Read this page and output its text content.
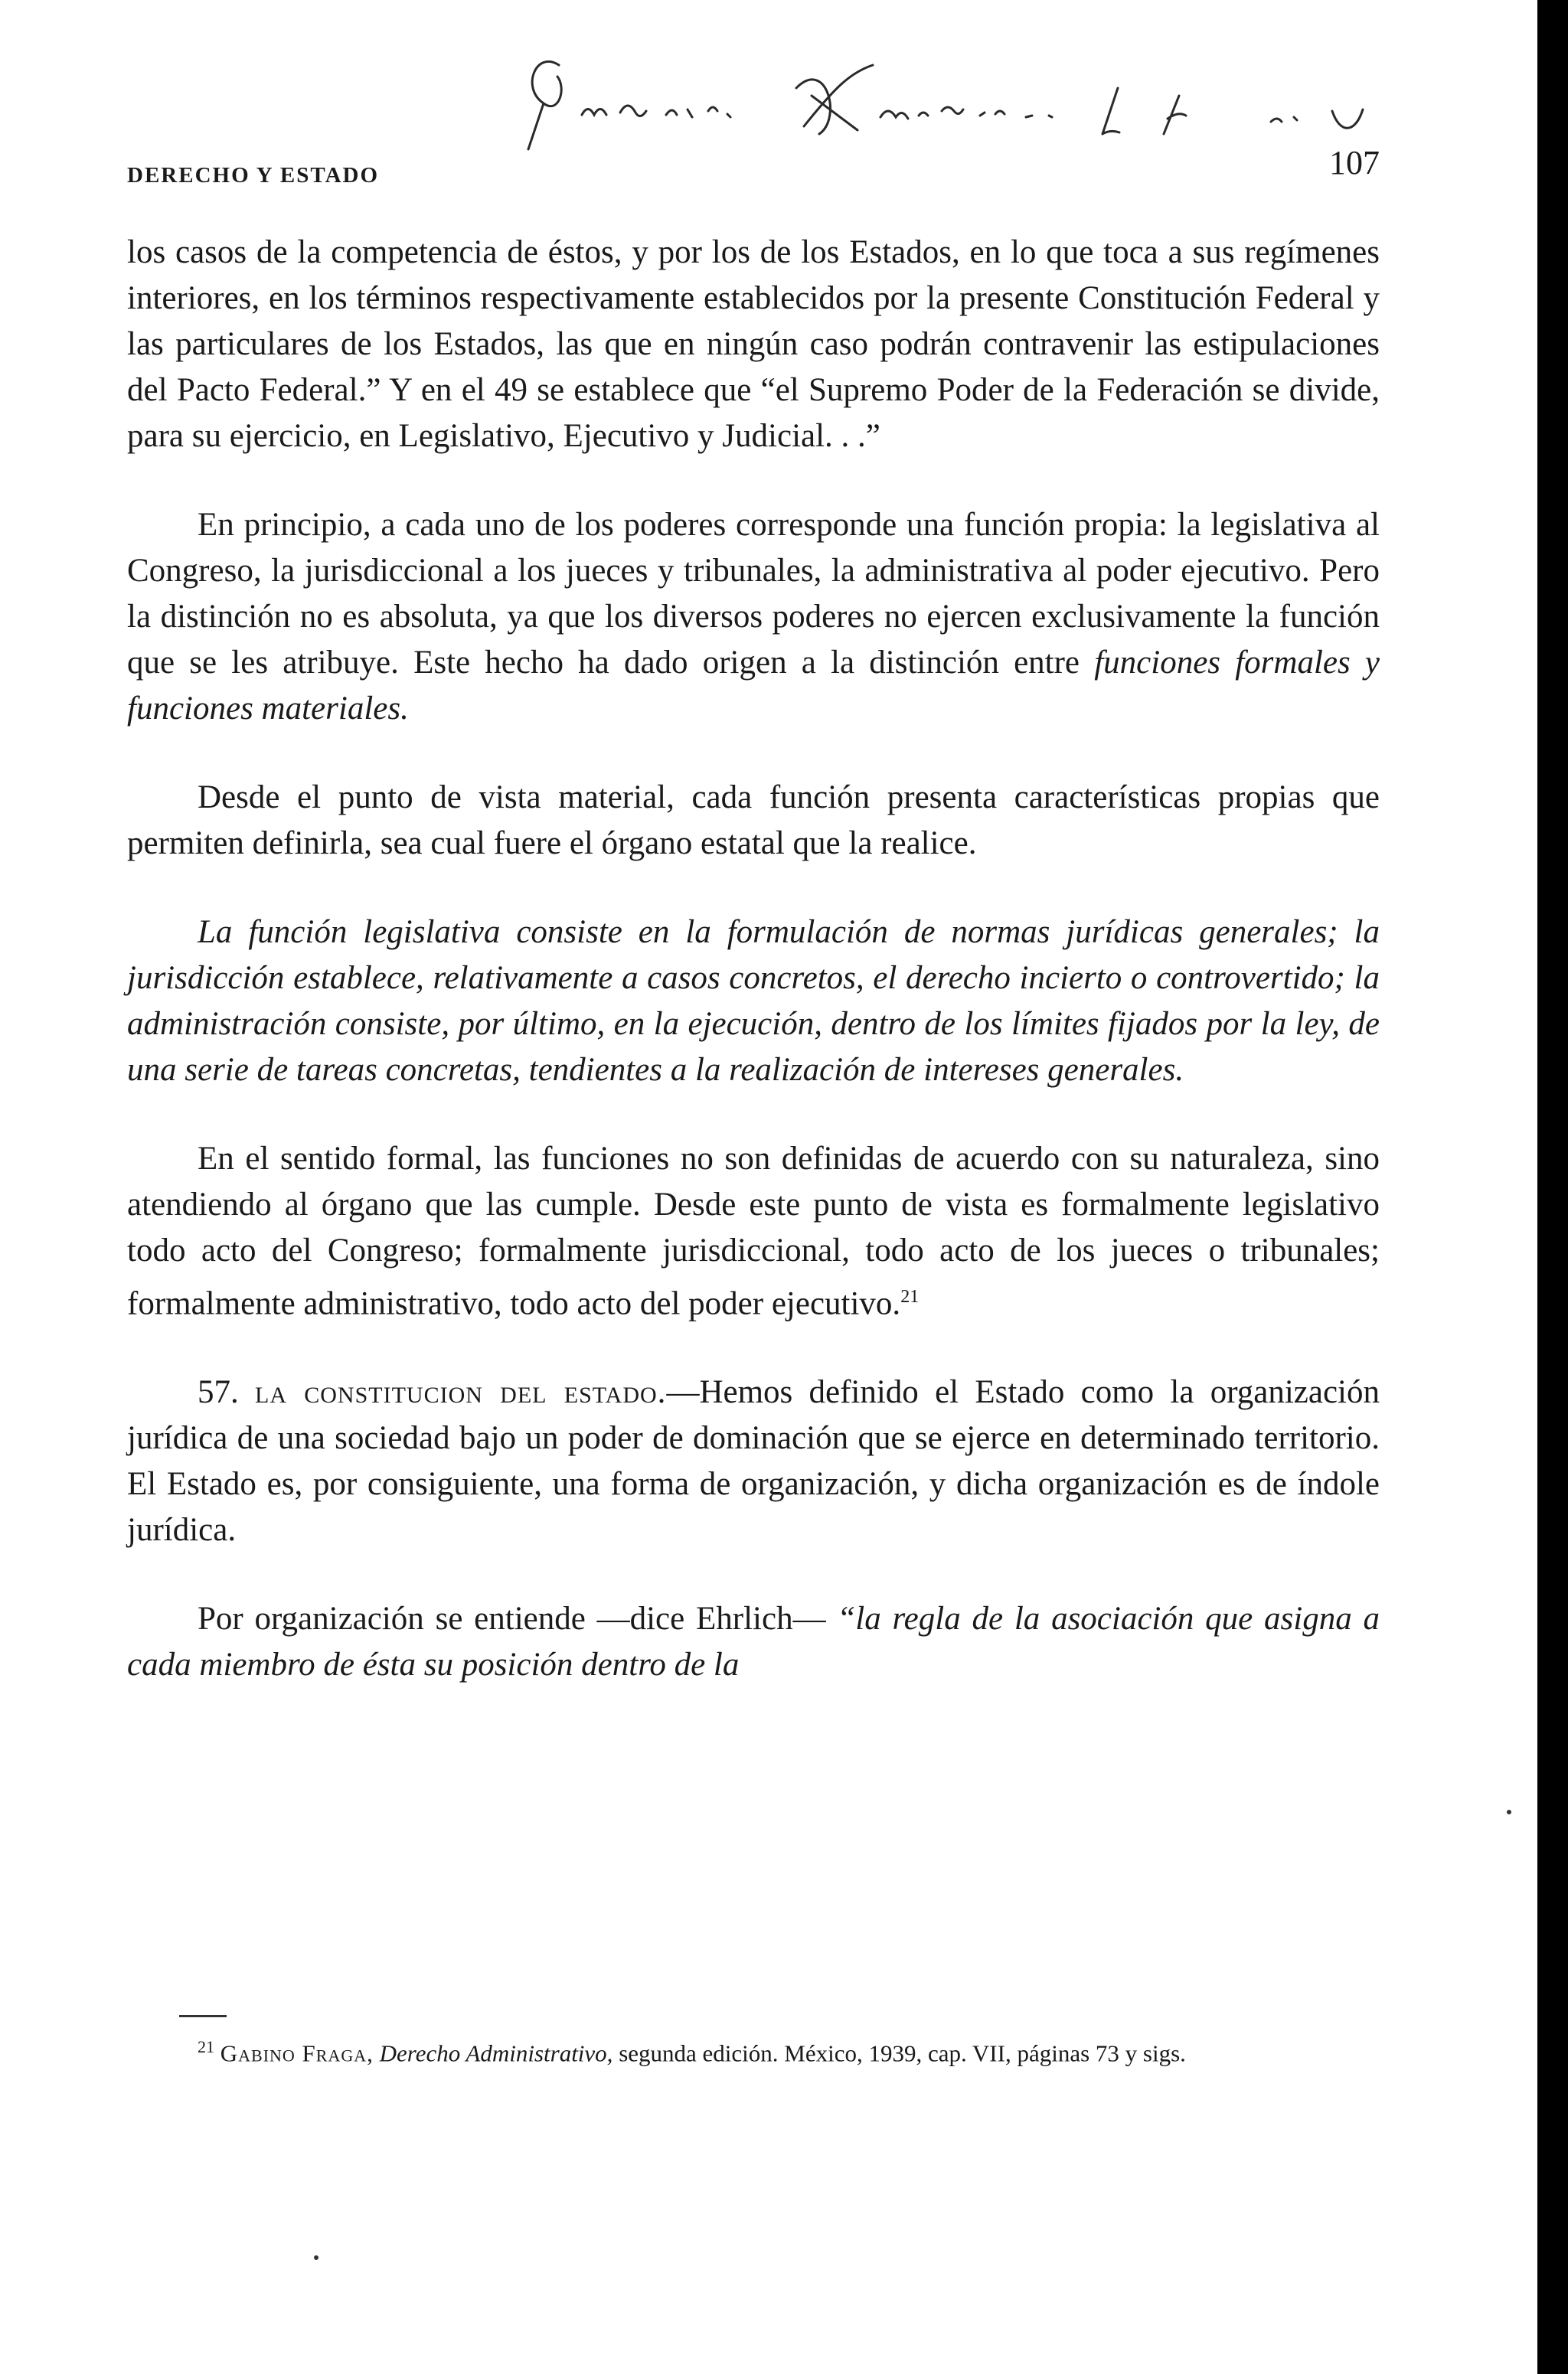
DERECHO Y ESTADO	107

los casos de la competencia de éstos, y por los de los Estados, en lo que toca a sus regímenes interiores, en los términos respectivamente establecidos por la presente Constitución Federal y las particulares de los Estados, las que en ningún caso podrán contravenir las estipulaciones del Pacto Federal.” Y en el 49 se establece que “el Supremo Poder de la Federación se divide, para su ejercicio, en Legislativo, Ejecutivo y Judicial. . .”

En principio, a cada uno de los poderes corresponde una función propia: la legislativa al Congreso, la jurisdiccional a los jueces y tribunales, la administrativa al poder ejecutivo. Pero la distinción no es absoluta, ya que los diversos poderes no ejercen exclusivamente la función que se les atribuye. Este hecho ha dado origen a la distinción entre funciones formales y funciones materiales.

Desde el punto de vista material, cada función presenta características propias que permiten definirla, sea cual fuere el órgano estatal que la realice.

La función legislativa consiste en la formulación de normas jurídicas generales; la jurisdicción establece, relativamente a casos concretos, el derecho incierto o controvertido; la administración consiste, por último, en la ejecución, dentro de los límites fijados por la ley, de una serie de tareas concretas, tendientes a la realización de intereses generales.

En el sentido formal, las funciones no son definidas de acuerdo con su naturaleza, sino atendiendo al órgano que las cumple. Desde este punto de vista es formalmente legislativo todo acto del Congreso; formalmente jurisdiccional, todo acto de los jueces o tribunales; formalmente administrativo, todo acto del poder ejecutivo.$^{21}$

57. la constitucion del estado.—Hemos definido el Estado como la organización jurídica de una sociedad bajo un poder de dominación que se ejerce en determinado territorio. El Estado es, por consiguiente, una forma de organización, y dicha organización es de índole jurídica.

Por organización se entiende —dice Ehrlich— “la regla de la asociación que asigna a cada miembro de ésta su posición dentro de la

$^{21}$ Gabino Fraga, Derecho Administrativo, segunda edición. México, 1939, cap. VII, páginas 73 y sigs.
